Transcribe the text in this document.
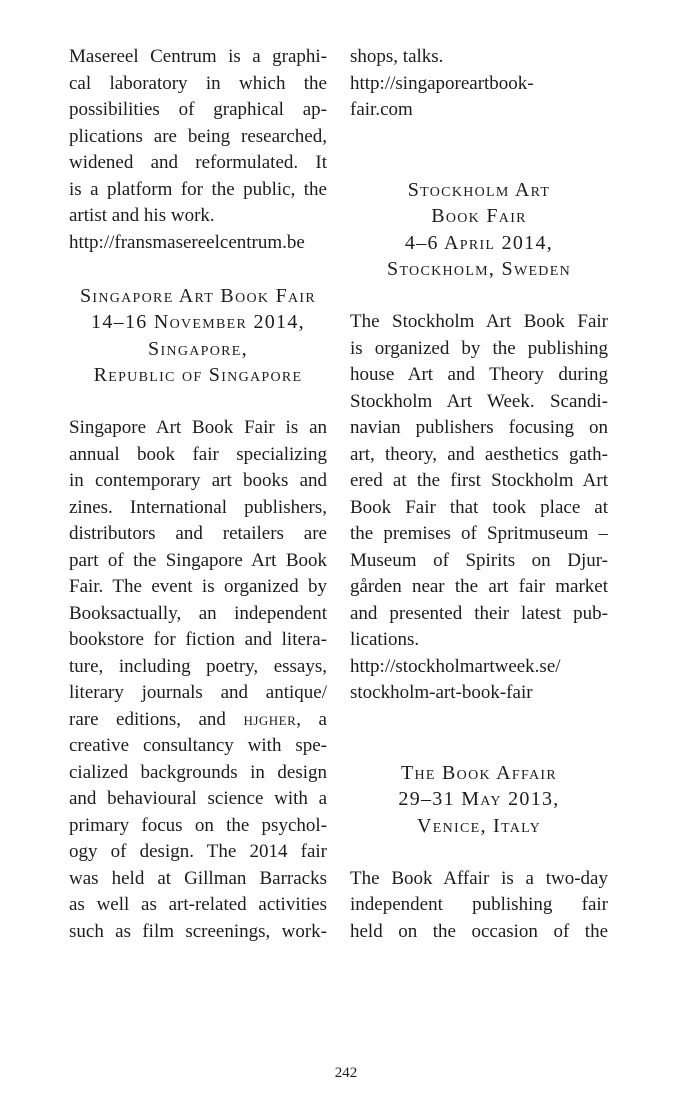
Masereel Centrum is a graphi-
cal laboratory in which the
possibilities of graphical ap-
plications are being researched,
widened and reformulated. It
is a platform for the public, the
artist and his work.
http://fransmasereelcentrum.be
Singapore Art Book Fair
14–16 November 2014,
Singapore,
Republic of Singapore
Singapore Art Book Fair is an
annual book fair specializing
in contemporary art books and
zines. International publishers,
distributors and retailers are
part of the Singapore Art Book
Fair. The event is organized by
Booksactually, an independent
bookstore for fiction and litera-
ture, including poetry, essays,
literary journals and antique/
rare editions, and hjgher, a
creative consultancy with spe-
cialized backgrounds in design
and behavioural science with a
primary focus on the psychol-
ogy of design. The 2014 fair
was held at Gillman Barracks
as well as art-related activities
such as film screenings, work-
shops, talks.
http://singaporeartbook-
fair.com
Stockholm Art
Book Fair
4–6 April 2014,
Stockholm, Sweden
The Stockholm Art Book Fair
is organized by the publishing
house Art and Theory during
Stockholm Art Week. Scandi-
navian publishers focusing on
art, theory, and aesthetics gath-
ered at the first Stockholm Art
Book Fair that took place at
the premises of Spritmuseum –
Museum of Spirits on Djur-
gården near the art fair market
and presented their latest pub-
lications.
http://stockholmartweek.se/
stockholm-art-book-fair
The Book Affair
29–31 May 2013,
Venice, Italy
The Book Affair is a two-day
independent publishing fair
held on the occasion of the
242
